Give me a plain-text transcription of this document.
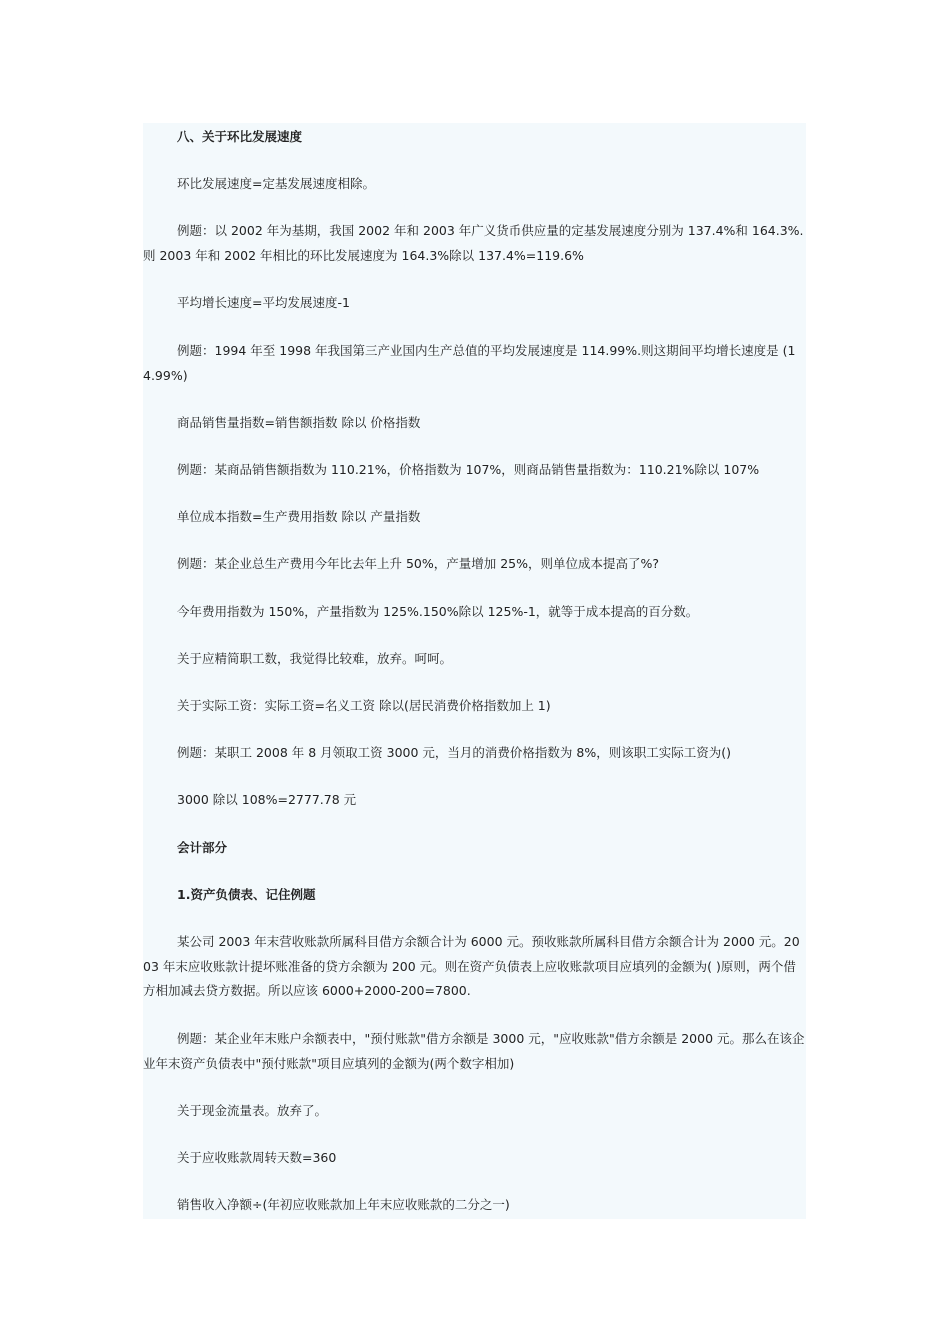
八、关于环比发展速度

环比发展速度=定基发展速度相除。

例题：以 2002 年为基期，我国 2002 年和 2003 年广义货币供应量的定基发展速度分别为 137.4%和 164.3%.则 2003 年和 2002 年相比的环比发展速度为 164.3%除以 137.4%=119.6%

平均增长速度=平均发展速度-1

例题：1994 年至 1998 年我国第三产业国内生产总值的平均发展速度是 114.99%.则这期间平均增长速度是 (14.99%)

商品销售量指数=销售额指数 除以 价格指数

例题：某商品销售额指数为 110.21%，价格指数为 107%，则商品销售量指数为：110.21%除以 107%

单位成本指数=生产费用指数 除以 产量指数

例题：某企业总生产费用今年比去年上升 50%，产量增加 25%，则单位成本提高了%?

今年费用指数为 150%，产量指数为 125%.150%除以 125%-1，就等于成本提高的百分数。

关于应精简职工数，我觉得比较难，放弃。呵呵。

关于实际工资：实际工资=名义工资 除以(居民消费价格指数加上 1)

例题：某职工 2008 年 8 月领取工资 3000 元，当月的消费价格指数为 8%，则该职工实际工资为()

3000 除以 108%=2777.78 元

会计部分

1.资产负债表、记住例题

某公司 2003 年末营收账款所属科目借方余额合计为 6000 元。预收账款所属科目借方余额合计为 2000 元。2003 年末应收账款计提坏账准备的贷方余额为 200 元。则在资产负债表上应收账款项目应填列的金额为( )原则，两个借方相加减去贷方数据。所以应该 6000+2000-200=7800.

例题：某企业年末账户余额表中，"预付账款"借方余额是 3000 元，"应收账款"借方余额是 2000 元。那么在该企业年末资产负债表中"预付账款"项目应填列的金额为(两个数字相加)

关于现金流量表。放弃了。

关于应收账款周转天数=360

销售收入净额÷(年初应收账款加上年末应收账款的二分之一)
